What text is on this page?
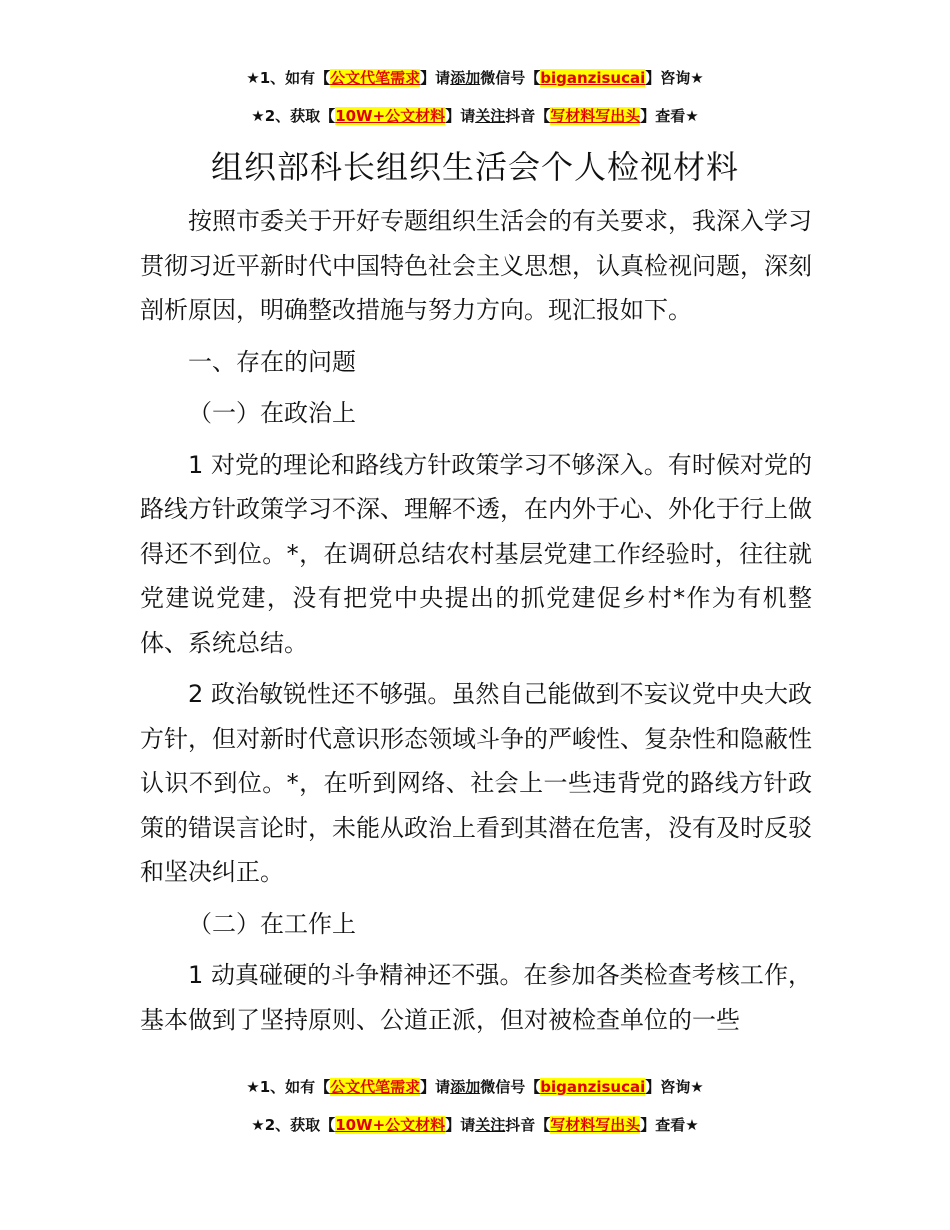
★1、如有【公文代笔需求】请添加微信号【biganzisucai】咨询★
★2、获取【10W+公文材料】请关注抖音【写材料写出头】查看★
组织部科长组织生活会个人检视材料

按照市委关于开好专题组织生活会的有关要求，我深入学习贯彻习近平新时代中国特色社会主义思想，认真检视问题，深刻剖析原因，明确整改措施与努力方向。现汇报如下。

一、存在的问题

（一）在政治上

1 对党的理论和路线方针政策学习不够深入。有时候对党的路线方针政策学习不深、理解不透，在内外于心、外化于行上做得还不到位。*，在调研总结农村基层党建工作经验时，往往就党建说党建，没有把党中央提出的抓党建促乡村*作为有机整体、系统总结。

2 政治敏锐性还不够强。虽然自己能做到不妄议党中央大政方针，但对新时代意识形态领域斗争的严峻性、复杂性和隐蔽性认识不到位。*，在听到网络、社会上一些违背党的路线方针政策的错误言论时，未能从政治上看到其潜在危害，没有及时反驳和坚决纠正。

（二）在工作上

1 动真碰硬的斗争精神还不强。在参加各类检查考核工作，基本做到了坚持原则、公道正派，但对被检查单位的一些

★1、如有【公文代笔需求】请添加微信号【biganzisucai】咨询★
★2、获取【10W+公文材料】请关注抖音【写材料写出头】查看★
